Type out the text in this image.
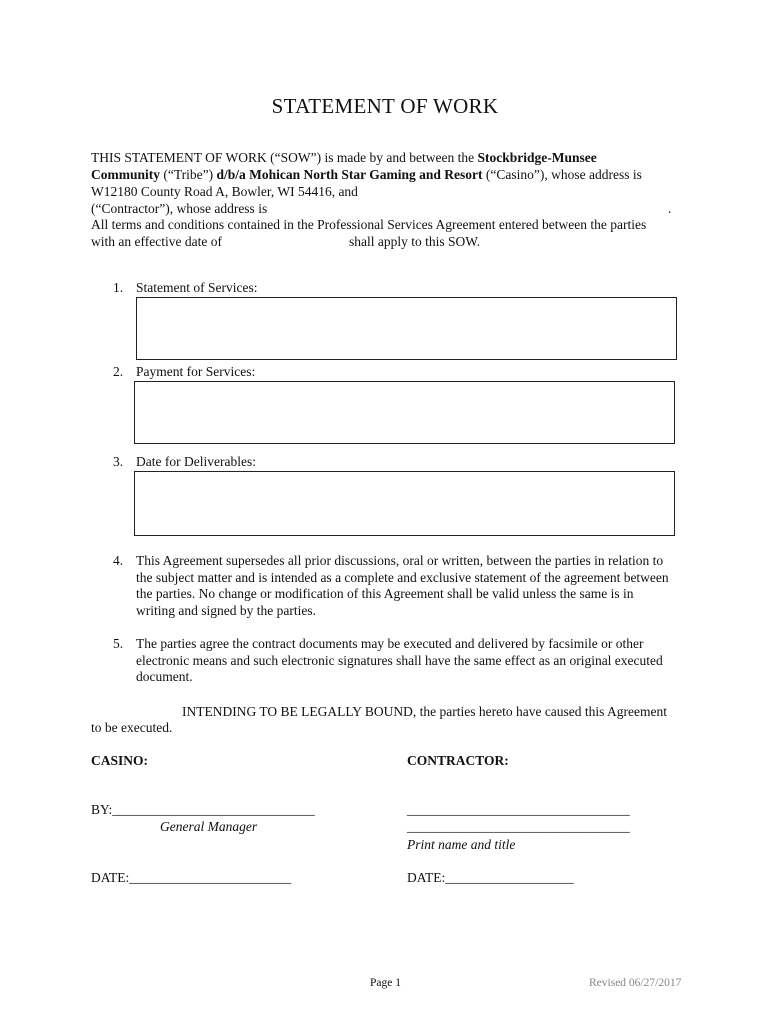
STATEMENT OF WORK
THIS STATEMENT OF WORK (“SOW”) is made by and between the Stockbridge-Munsee
Community (“Tribe”) d/b/a Mohican North Star Gaming and Resort (“Casino”), whose address is
W12180 County Road A, Bowler, WI 54416, and
(“Contractor”), whose address is	.
All terms and conditions contained in the Professional Services Agreement entered between the parties
with an effective date of	shall apply to this SOW.
1. Statement of Services:
2. Payment for Services:
3. Date for Deliverables:
4. This Agreement supersedes all prior discussions, oral or written, between the parties in relation to
the subject matter and is intended as a complete and exclusive statement of the agreement between
the parties. No change or modification of this Agreement shall be valid unless the same is in
writing and signed by the parties.
5. The parties agree the contract documents may be executed and delivered by facsimile or other
electronic means and such electronic signatures shall have the same effect as an original executed
document.
INTENDING TO BE LEGALLY BOUND, the parties hereto have caused this Agreement
to be executed.
CASINO:	CONTRACTOR:
BY:______________________________
General Manager
_________________________________
_________________________________
Print name and title
DATE:________________________	DATE:___________________
Page 1	Revised 06/27/2017
